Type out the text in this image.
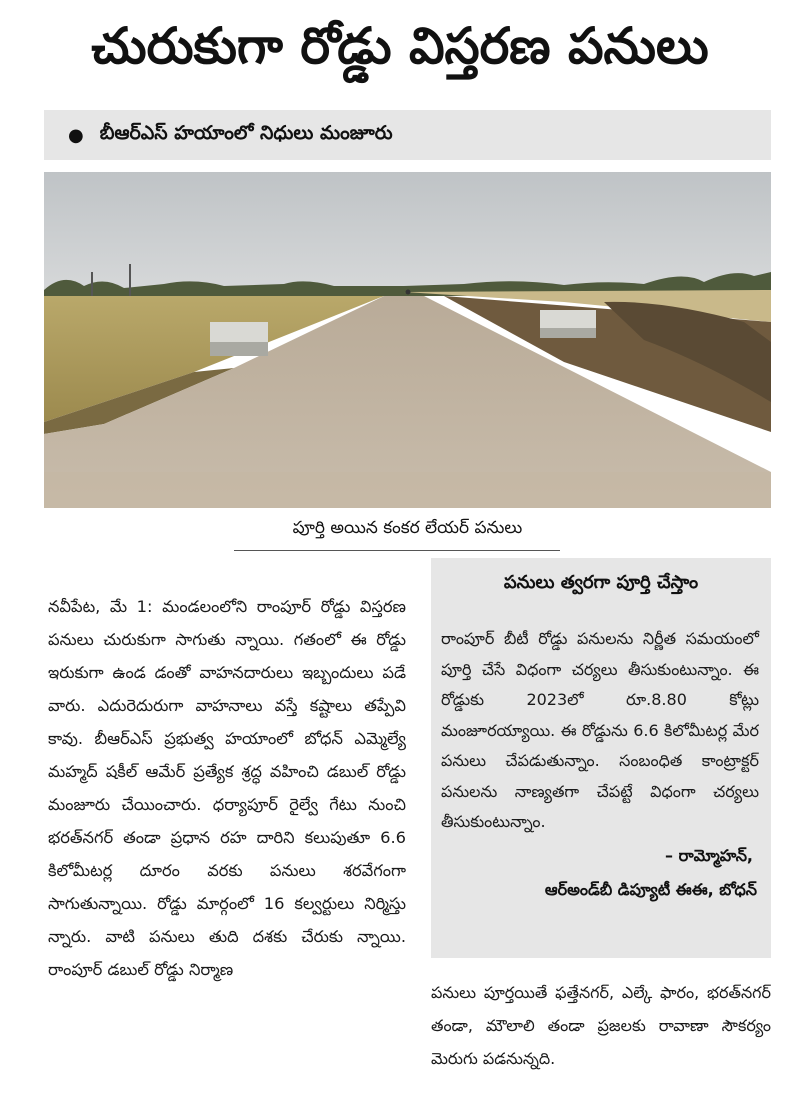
చురుకుగా రోడ్డు విస్తరణ పనులు
● బీఆర్ఎస్ హయాంలో నిధులు మంజూరు
పూర్తి అయిన కంకర లేయర్ పనులు

నవీపేట, మే 1: మండలంలోని రాంపూర్ రోడ్డు విస్తరణ పనులు చురుకుగా సాగుతు న్నాయి. గతంలో ఈ రోడ్డు ఇరుకుగా ఉండ డంతో వాహనదారులు ఇబ్బందులు పడే వారు. ఎదురెదురుగా వాహనాలు వస్తే కష్టాలు తప్పేవి కావు. బీఆర్ఎస్ ప్రభుత్వ హయాంలో బోధన్ ఎమ్మెల్యే మహ్మద్ షకీల్ ఆమేర్ ప్రత్యేక శ్రద్ధ వహించి డబుల్ రోడ్డు మంజూరు చేయించారు. ధర్యాపూర్ రైల్వే గేటు నుంచి భరత్‌నగర్ తండా ప్రధాన రహ దారిని కలుపుతూ 6.6 కిలోమీటర్ల దూరం వరకు పనులు శరవేగంగా సాగుతున్నాయి. రోడ్డు మార్గంలో 16 కల్వర్టులు నిర్మిస్తు న్నారు. వాటి పనులు తుది దశకు చేరుకు న్నాయి. రాంపూర్ డబుల్ రోడ్డు నిర్మాణ

పనులు త్వరగా పూర్తి చేస్తాం

రాంపూర్ బీటీ రోడ్డు పనులను నిర్ణీత సమయంలో పూర్తి చేసే విధంగా చర్యలు తీసుకుంటున్నాం. ఈ రోడ్డుకు 2023లో రూ.8.80 కోట్లు మంజూరయ్యాయి. ఈ రోడ్డును 6.6 కిలోమీటర్ల మేర పనులు చేపడుతున్నాం. సంబంధిత కాంట్రాక్టర్ పనులను నాణ్యతగా చేపట్టే విధంగా చర్యలు తీసుకుంటున్నాం.

– రామ్మోహన్,
ఆర్అండ్‌బీ డిప్యూటీ ఈఈ, బోధన్

పనులు పూర్తయితే ఫత్తేనగర్, ఎల్కే ఫారం, భరత్‌నగర్ తండా, మౌలాలి తండా ప్రజలకు రావాణా సౌకర్యం మెరుగు పడనున్నది.
